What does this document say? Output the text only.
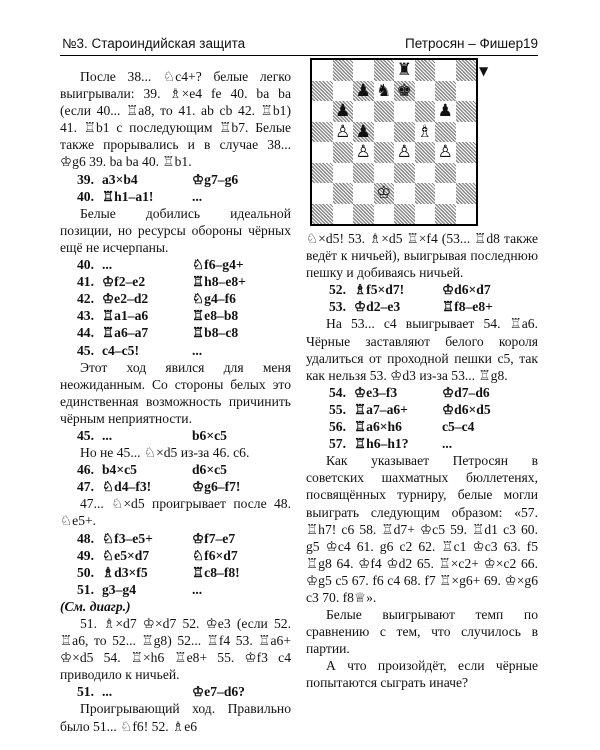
№3. Староиндийская защита	Петросян – Фишер 19
♜
♟ ♞ ♚
♟	♟
♙ ♟	♗
♙ ♙ ♙
♔
▼

После 38... ♘c4+? белые легко выигрывали: 39. ♗×e4 fe 40. ba ba (если 40... ♖a8, то 41. ab cb 42. ♖b1) 41. ♖b1 с последующим ♖b7. Белые также прорывались и в случае 38... ♔g6 39. ba ba 40. ♖b1.

39. a3×b4	♔g7–g6
40. ♖h1–a1!	...

Белые добились идеальной позиции, но ресурсы обороны чёрных ещё не исчерпаны.

40. ...	♘f6–g4+
41. ♔f2–e2	♖h8–e8+
42. ♔e2–d2	♘g4–f6
43. ♖a1–a6	♖e8–b8
44. ♖a6–a7	♖b8–c8
45. c4–c5!	...

Этот ход явился для меня неожиданным. Со стороны белых это единственная возможность причинить чёрным неприятности.

45. ...	b6×c5

Но не 45... ♘×d5 из-за 46. c6.

46. b4×c5	d6×c5
47. ♘d4–f3!	♔g6–f7!

47... ♘×d5 проигрывает после 48. ♘e5+.

48. ♘f3–e5+	♔f7–e7
49. ♘e5×d7	♘f6×d7
50. ♗d3×f5	♖c8–f8!
51. g3–g4	...

(См. диагр.)

51. ♗×d7 ♔×d7 52. ♔e3 (если 52. ♖a6, то 52... ♖g8) 52... ♖f4 53. ♖a6+ ♔×d5 54. ♖×h6 ♖e8+ 55. ♔f3 c4 приводило к ничьей.

51. ...	♔e7–d6?

Проигрывающий ход. Правильно было 51... ♘f6! 52. ♗e6

♘×d5! 53. ♗×d5 ♖×f4 (53... ♖d8 также ведёт к ничьей), выигрывая последнюю пешку и добиваясь ничьей.

52. ♗f5×d7!	♔d6×d7
53. ♔d2–e3	♖f8–e8+

На 53... c4 выигрывает 54. ♖a6. Чёрные заставляют белого короля удалиться от проходной пешки c5, так как нельзя 53. ♔d3 из-за 53... ♖g8.

54. ♔e3–f3	♔d7–d6
55. ♖a7–a6+	♔d6×d5
56. ♖a6×h6	c5–c4
57. ♖h6–h1?	...

Как указывает Петросян в советских шахматных бюллетенях, посвящённых турниру, белые могли выиграть следующим образом: «57. ♖h7! c6 58. ♖d7+ ♔c5 59. ♖d1 c3 60. g5 ♔c4 61. g6 c2 62. ♖c1 ♔c3 63. f5 ♖g8 64. ♔f4 ♔d2 65. ♖×c2+ ♔×c2 66. ♔g5 c5 67. f6 c4 68. f7 ♖×g6+ 69. ♔×g6 c3 70. f8♕».

Белые выигрывают темп по сравнению с тем, что случилось в партии.

А что произойдёт, если чёрные попытаются сыграть иначе?
